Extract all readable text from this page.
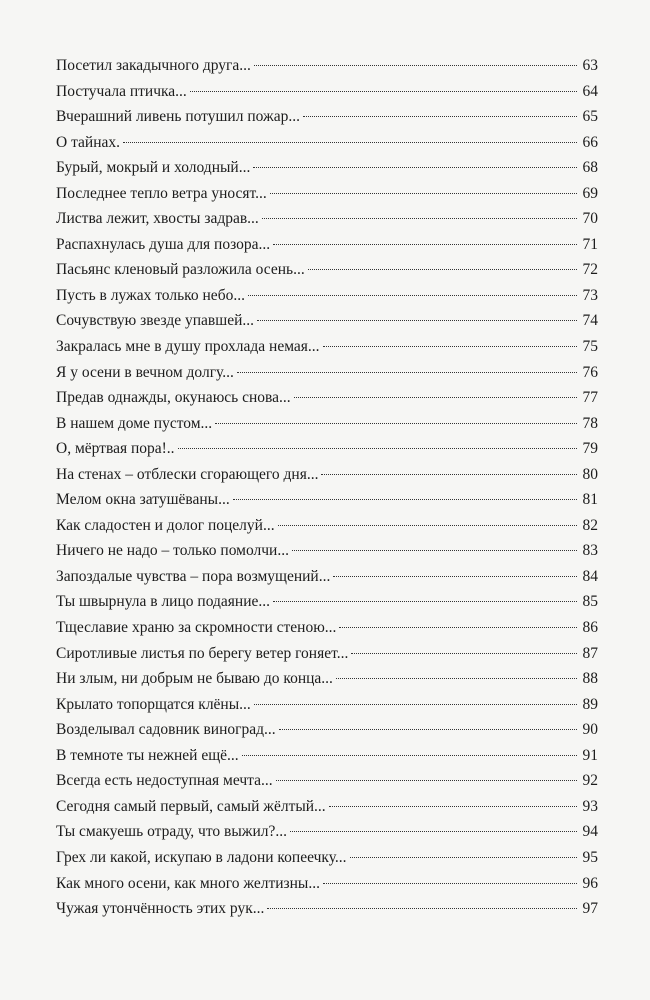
Посетил закадычного друга...	63
Постучала птичка...	64
Вчерашний ливень потушил пожар...	65
О тайнах.	66
Бурый, мокрый и холодный...	68
Последнее тепло ветра уносят...	69
Листва лежит, хвосты задрав...	70
Распахнулась душа для позора...	71
Пасьянс кленовый разложила осень...	72
Пусть в лужах только небо...	73
Сочувствую звезде упавшей...	74
Закралась мне в душу прохлада немая...	75
Я у осени в вечном долгу...	76
Предав однажды, окунаюсь снова...	77
В нашем доме пустом...	78
О, мёртвая пора!..	79
На стенах – отблески сгорающего дня...	80
Мелом окна затушёваны...	81
Как сладостен и долог поцелуй...	82
Ничего не надо – только помолчи...	83
Запоздалые чувства – пора возмущений...	84
Ты швырнула в лицо подаяние...	85
Тщеславие храню за скромности стеною...	86
Сиротливые листья по берегу ветер гоняет...	87
Ни злым, ни добрым не бываю до конца...	88
Крылато топорщатся клёны...	89
Возделывал садовник виноград...	90
В темноте ты нежней ещё...	91
Всегда есть недоступная мечта...	92
Сегодня самый первый, самый жёлтый...	93
Ты смакуешь отраду, что выжил?...	94
Грех ли какой, искупаю в ладони копеечку...	95
Как много осени, как много желтизны...	96
Чужая утончённость этих рук...	97
